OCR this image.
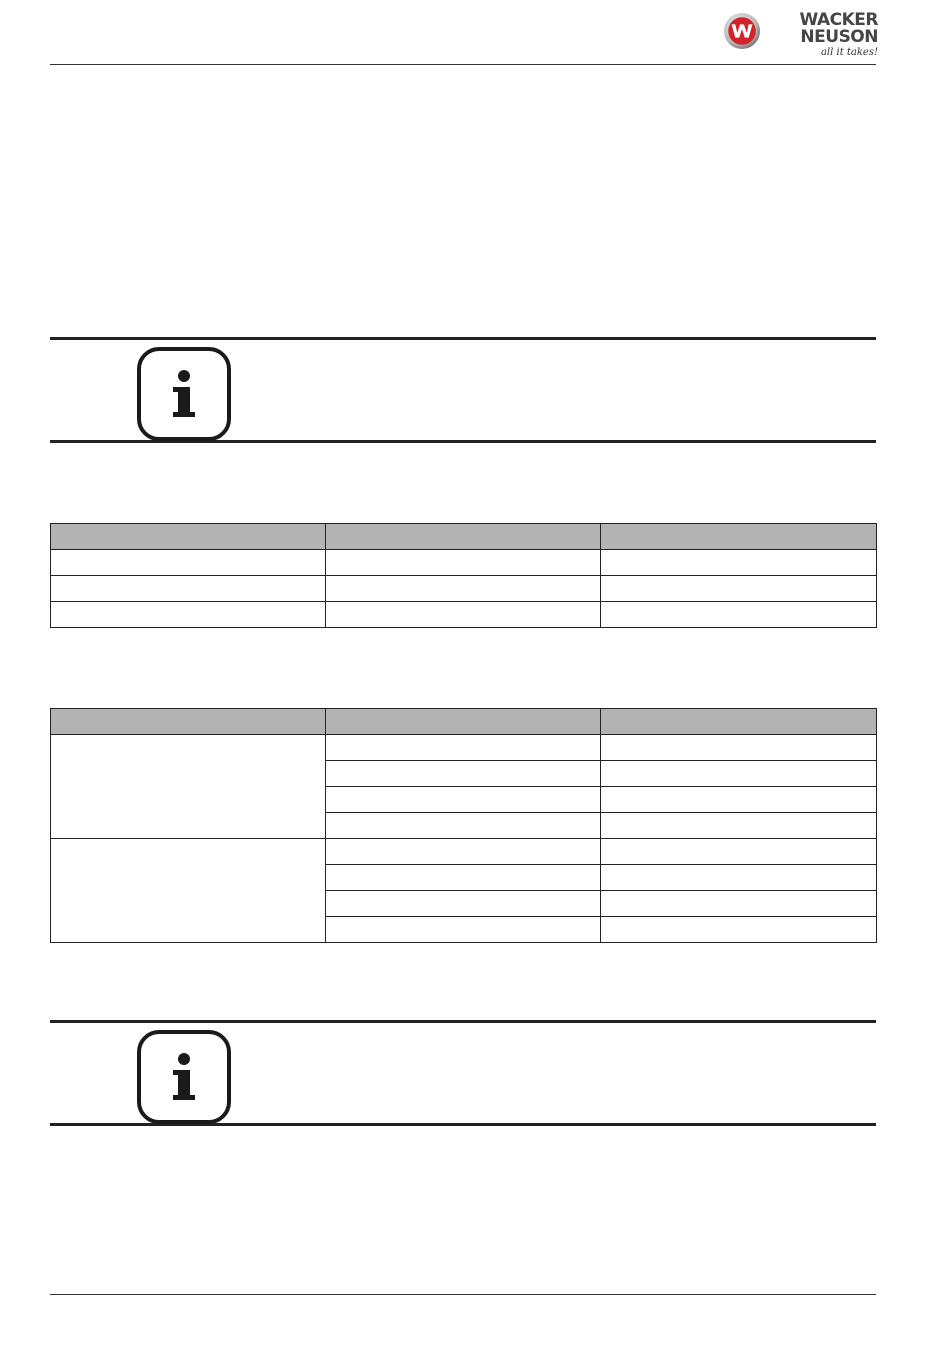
WACKER
NEUSON
all it takes!
